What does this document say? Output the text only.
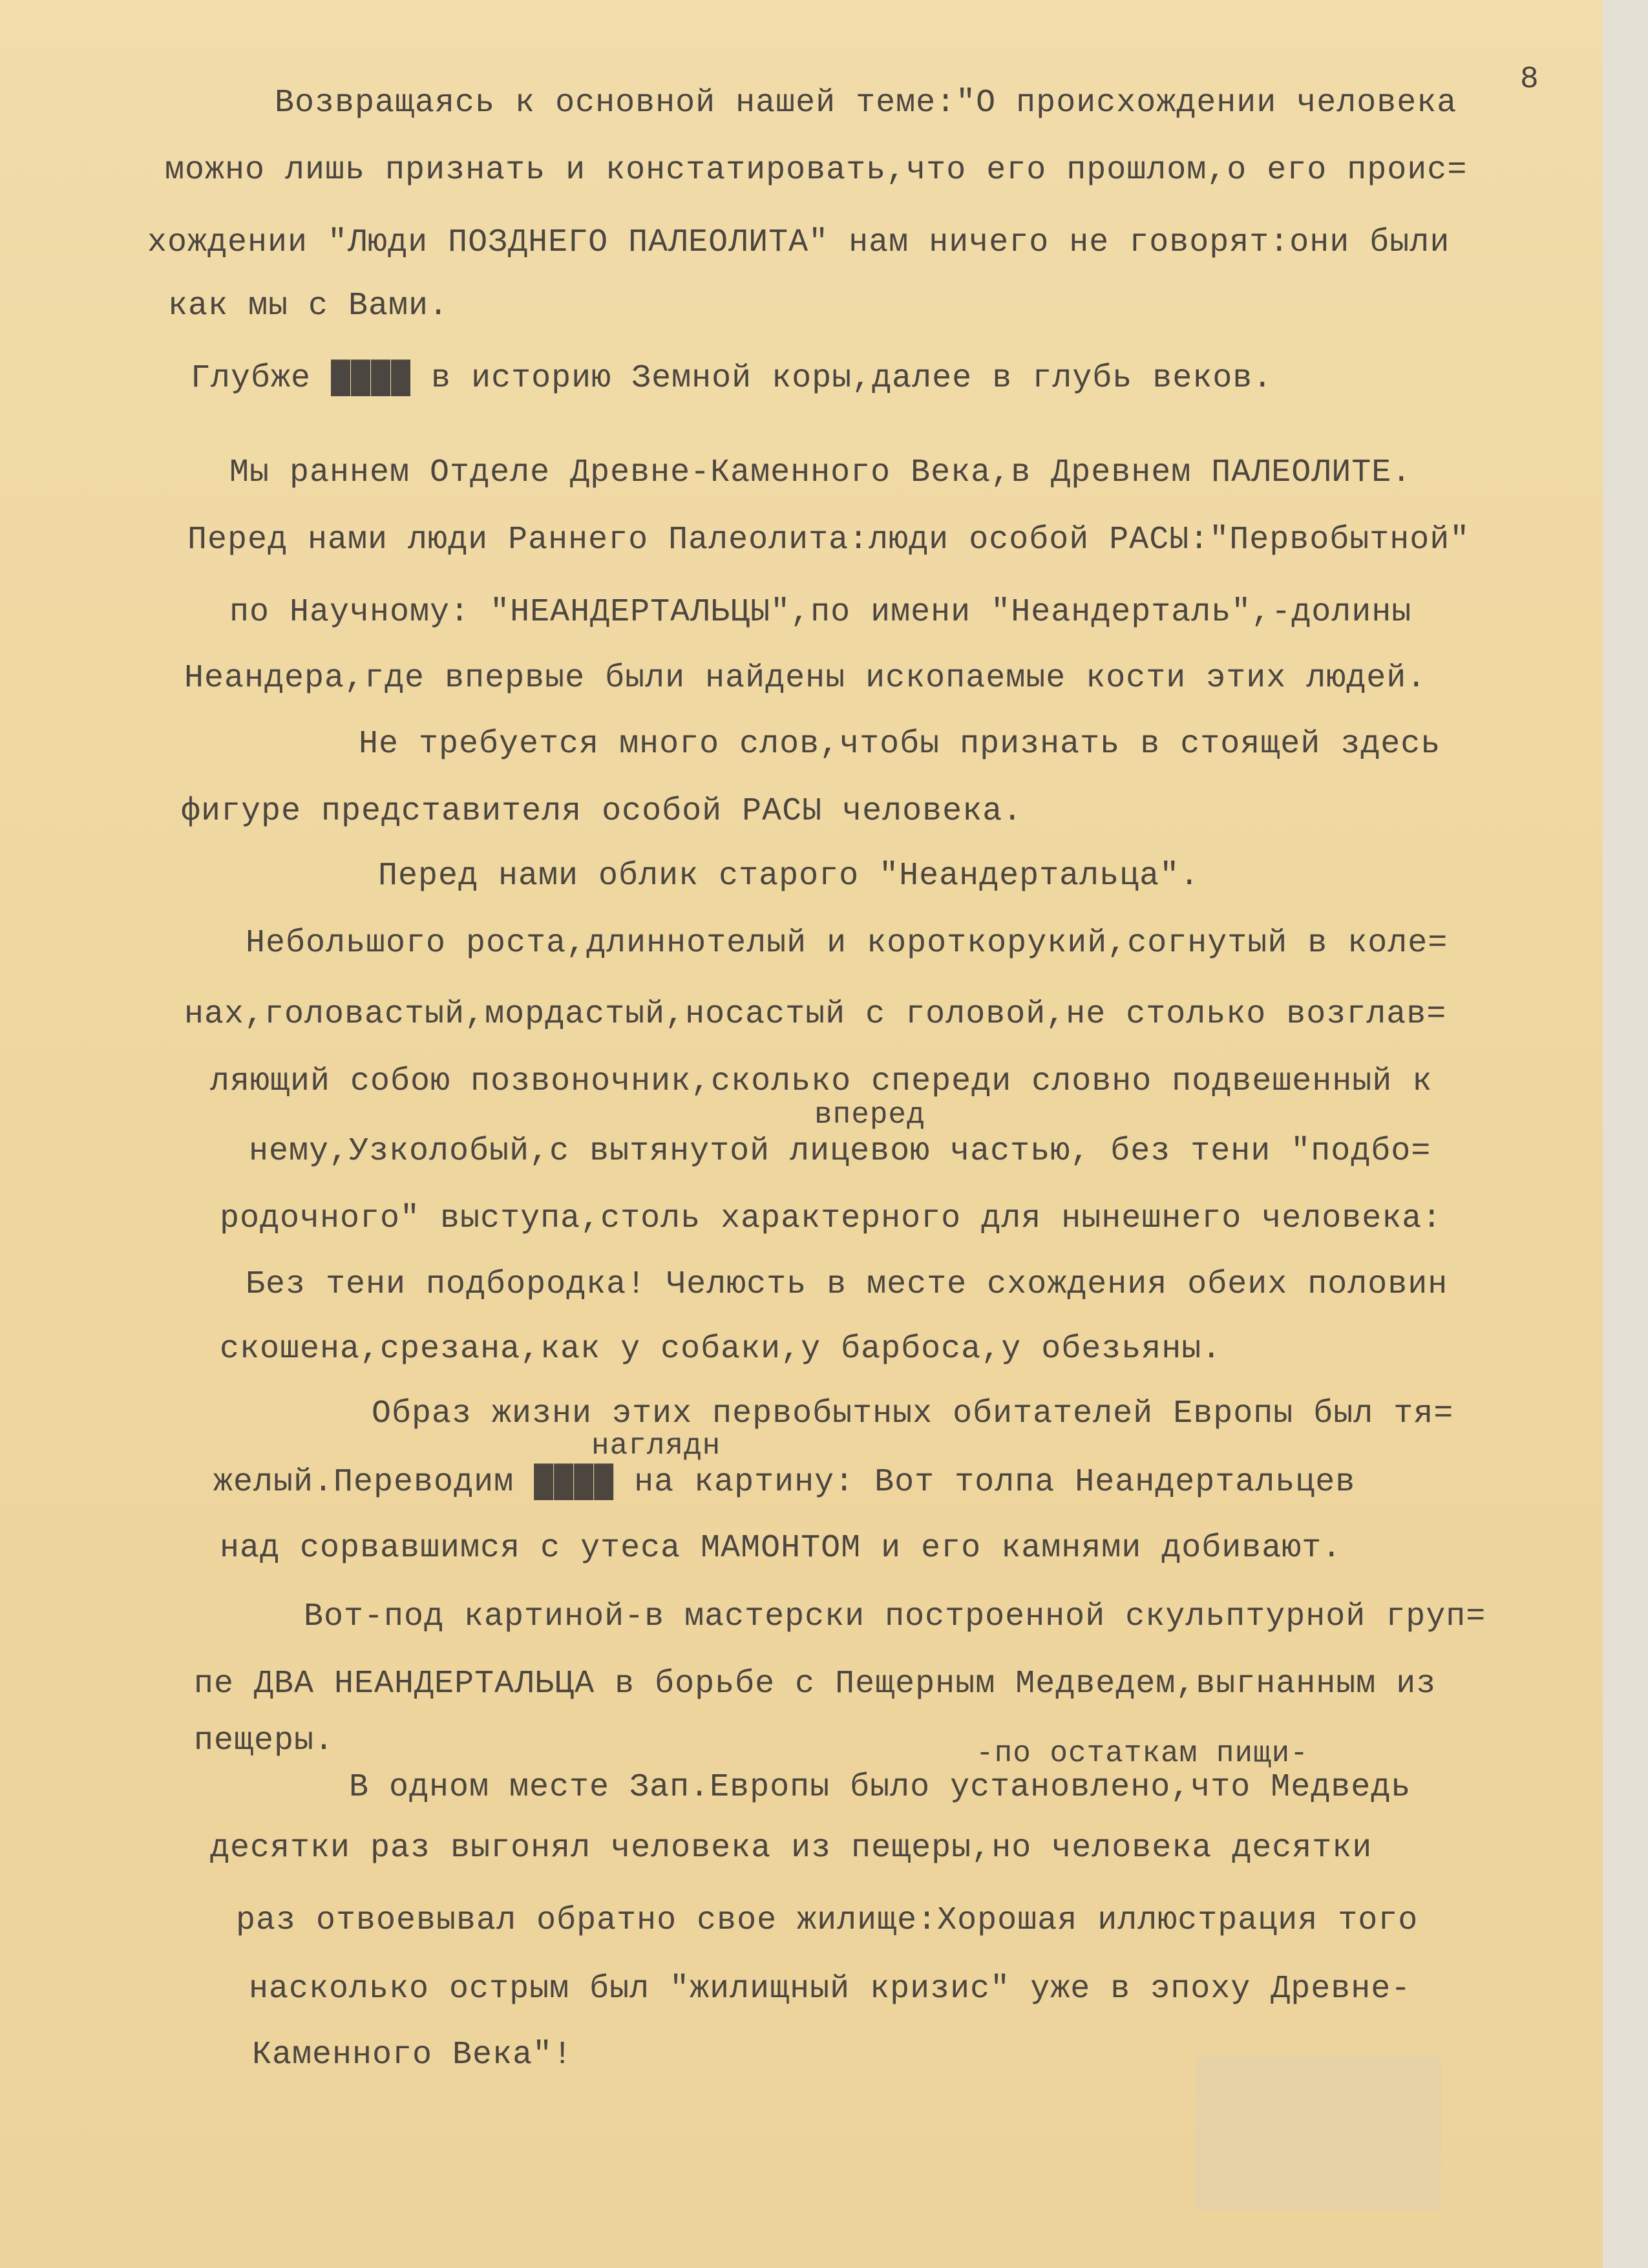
8
Возвращаясь к основной нашей теме:"О происхождении человека
можно лишь признать и констатировать,что его прошлом,о его проис=
хождении "Люди ПОЗДНЕГО ПАЛЕОЛИТА" нам ничего не говорят:они были
как мы с Вами.
Глубже ████ в историю Земной коры,далее в глубь веков.
Мы раннем Отделе Древне-Каменного Века,в Древнем ПАЛЕОЛИТЕ.
Перед нами люди Раннего Палеолита:люди особой РАСЫ:"Первобытной"
по Научному: "НЕАНДЕРТАЛЬЦЫ",по имени "Неандерталь",-долины
Неандера,где впервые были найдены ископаемые кости этих людей.
Не требуется много слов,чтобы признать в стоящей здесь
фигуре представителя особой РАСЫ человека.
Перед нами облик старого "Неандертальца".
Небольшого роста,длиннотелый и короткорукий,согнутый в коле=
нах,головастый,мордастый,носастый с головой,не столько возглав=
ляющий собою позвоночник,сколько спереди словно подвешенный к
вперед
нему,Узколобый,с вытянутой лицевою частью, без тени "подбо=
родочного" выступа,столь характерного для нынешнего человека:
Без тени подбородка! Челюсть в месте схождения обеих половин
скошена,срезана,как у собаки,у барбоса,у обезьяны.
Образ жизни этих первобытных обитателей Европы был тя=
наглядн
желый.Переводим ████ на картину: Вот толпа Неандертальцев
над сорвавшимся с утеса МАМОНТОМ и его камнями добивают.
Вот-под картиной-в мастерски построенной скульптурной груп=
пе ДВА НЕАНДЕРТАЛЬЦА в борьбе с Пещерным Медведем,выгнанным из
пещеры.	-по остаткам пищи-
В одном месте Зап.Европы было установлено,что Медведь
десятки раз выгонял человека из пещеры,но человека десятки
раз отвоевывал обратно свое жилище:Хорошая иллюстрация того
насколько острым был "жилищный кризис" уже в эпоху Древне-
Каменного Века"!
